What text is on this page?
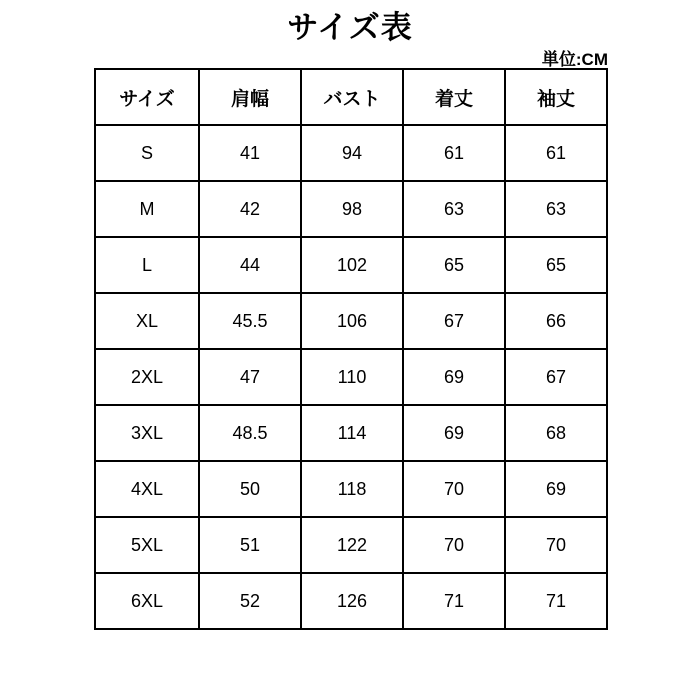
サイズ表
単位:CM
サイズ	肩幅	バスト	着丈	袖丈
S	41	94	61	61
M	42	98	63	63
L	44	102	65	65
XL	45.5	106	67	66
2XL	47	110	69	67
3XL	48.5	114	69	68
4XL	50	118	70	69
5XL	51	122	70	70
6XL	52	126	71	71
